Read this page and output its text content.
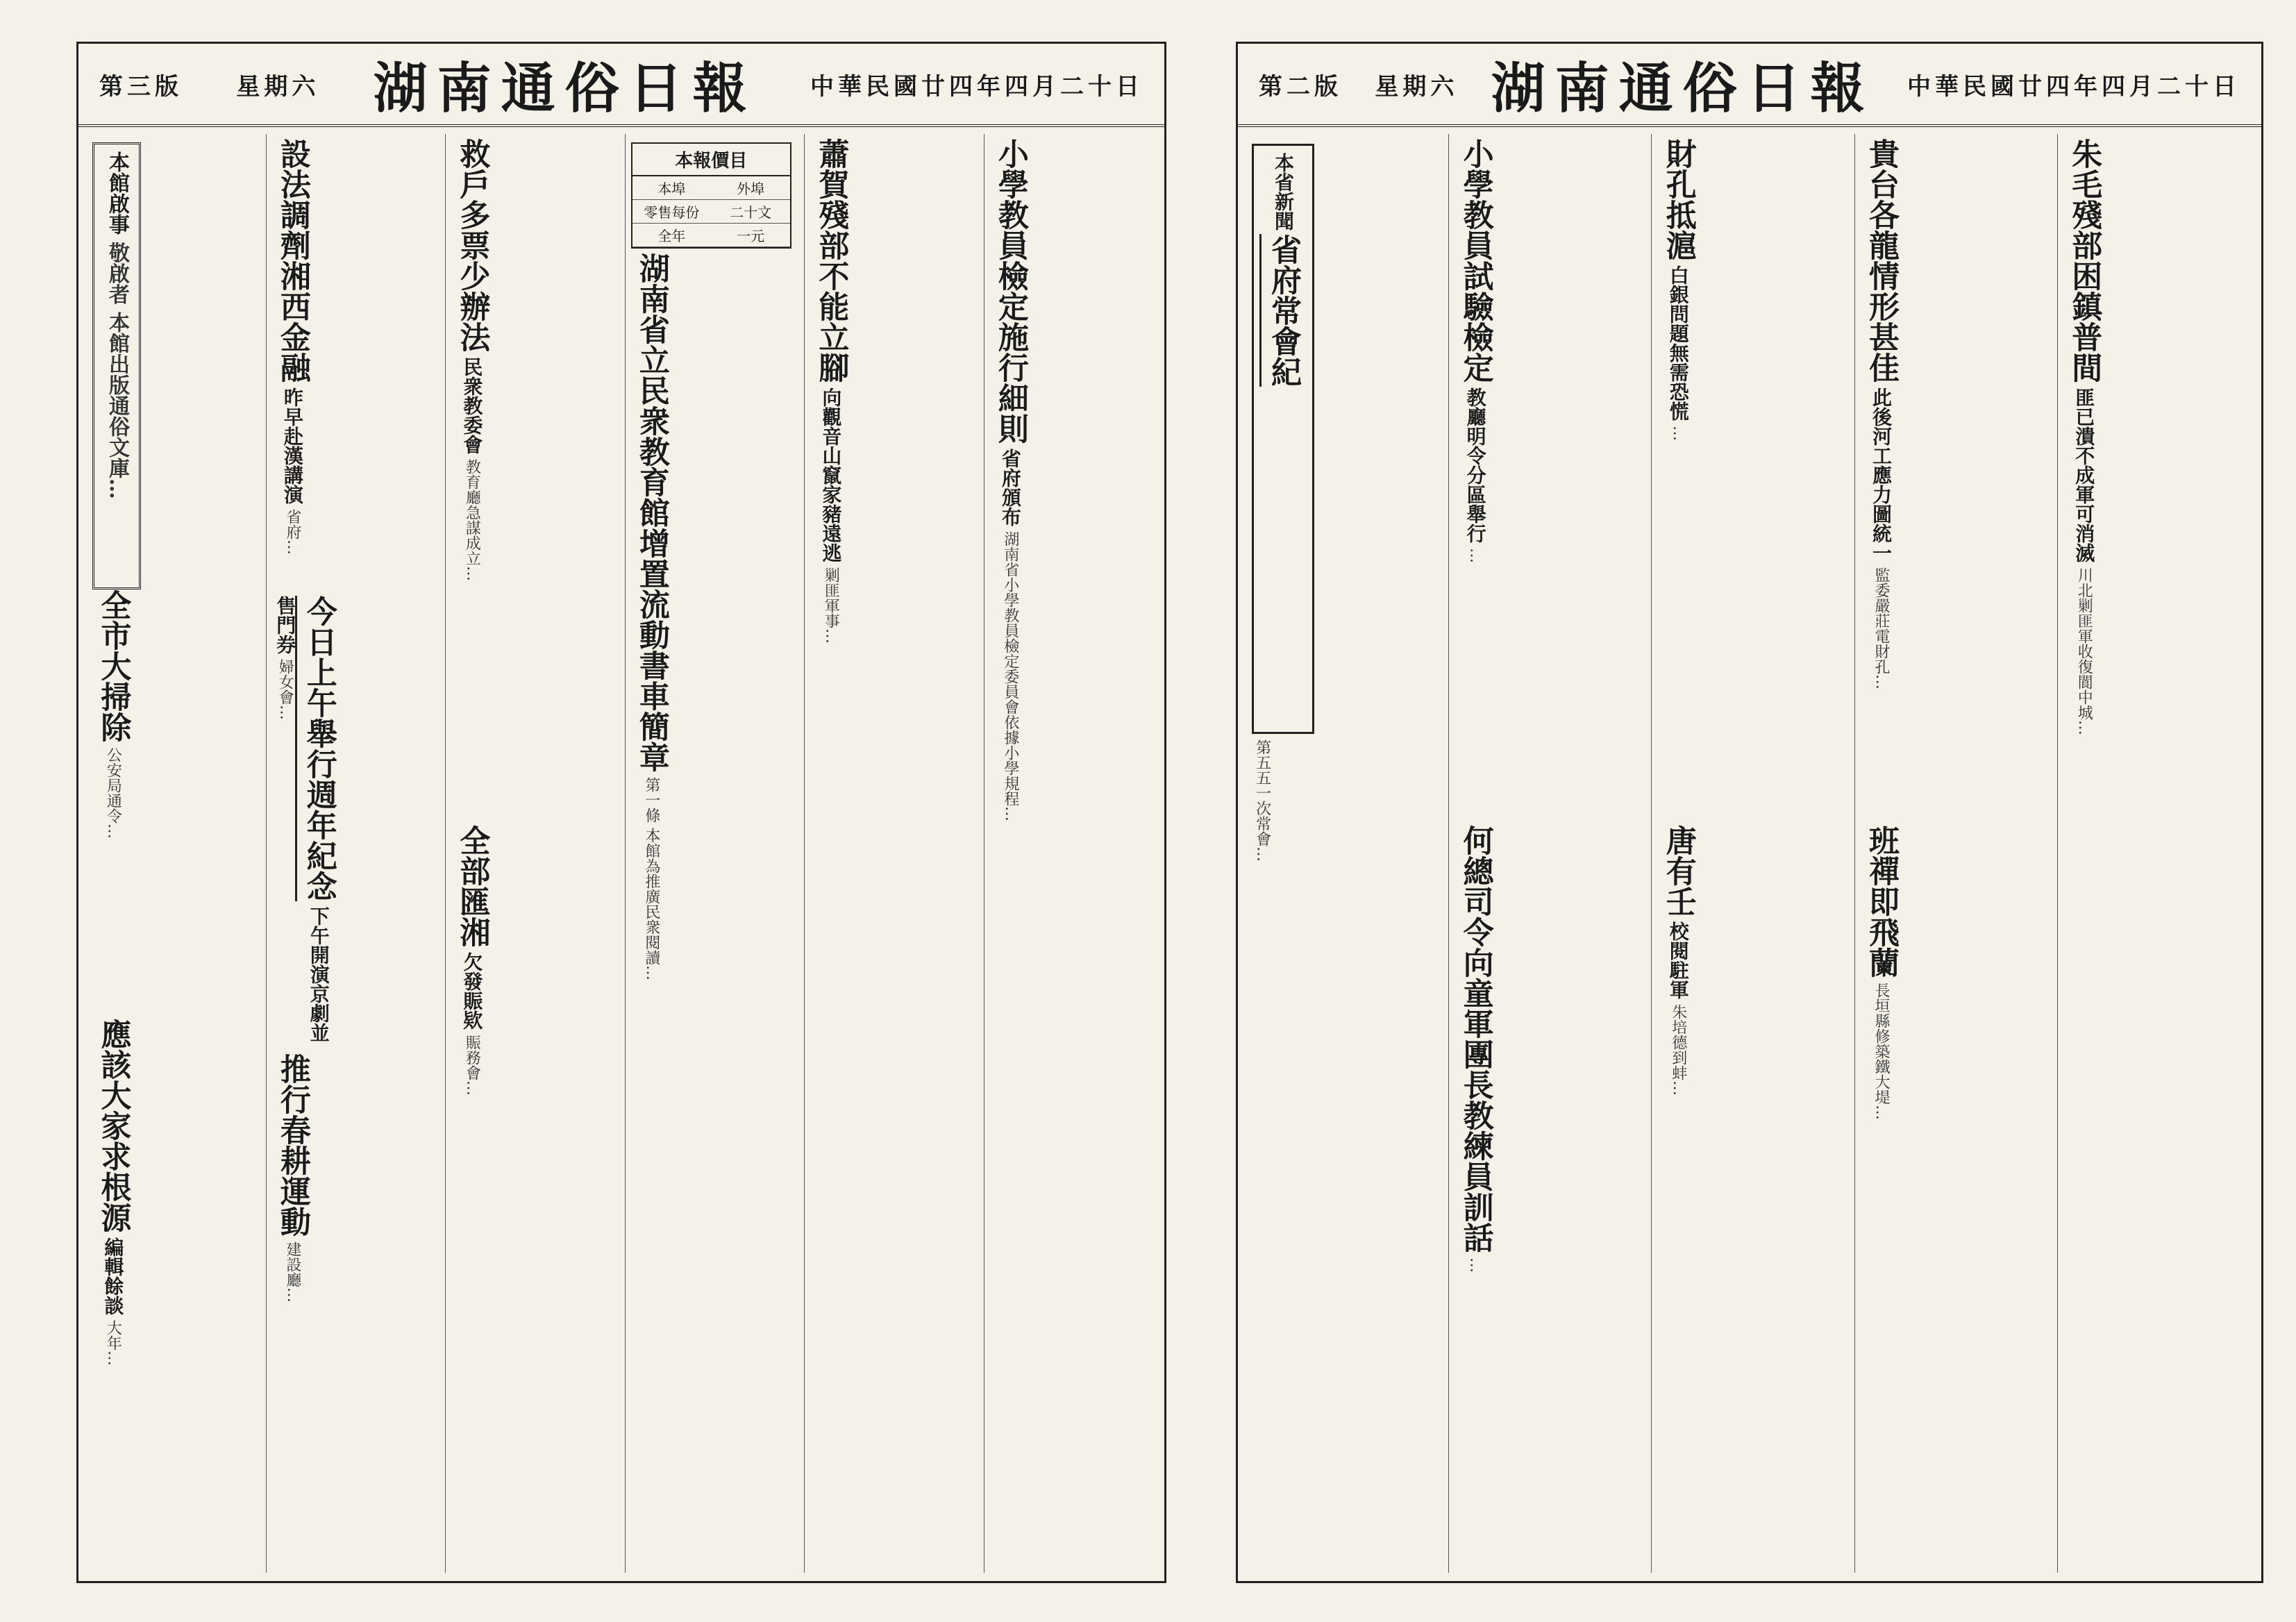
第三版 星期六 湖南通俗日報 中華民國廿四年四月二十日
小學教員檢定施行細則 省府頒布 湖南省小學教員檢定委員會依據小學規程…
蕭賀殘部不能立腳 向觀音山竄家豬遠逃 剿匪軍事…
本報價目
本埠	外埠
零售每份	二十文
全年	一元
湖南省立民衆教育館增置流動書車簡章 第一條 本館為推廣民衆閱讀…
救戶多票少辦法 民衆教委會 教育廳急謀成立…
全部匯湘 欠發賑欵 賑務會…
設法調劑湘西金融 昨早赴漢講演 省府…
今日上午舉行週年紀念 下午開演京劇並售門券 婦女會…
推行春耕運動 建設廳…
本館啟事 敬啟者 本館出版通俗文庫…
全市大掃除 公安局通令…
應該大家求根源 編輯餘談 大年…
第二版 星期六 湖南通俗日報 中華民國廿四年四月二十日
朱毛殘部困鎮普間 匪已潰不成軍可消滅 川北剿匪軍收復閬中城…
貴台各龍情形甚佳 此後河工應力圖統一 監委嚴莊電財孔…
班禪即飛蘭 長垣縣修築鐵大堤…
財孔抵滬 白銀問題無需恐慌 …
唐有壬 校閱駐軍 朱培德到蚌…
小學教員試驗檢定 教廳明令分區舉行 …
何總司令向童軍團長教練員訓話 …
本省新聞 省府常會紀
第五五一次常會…
